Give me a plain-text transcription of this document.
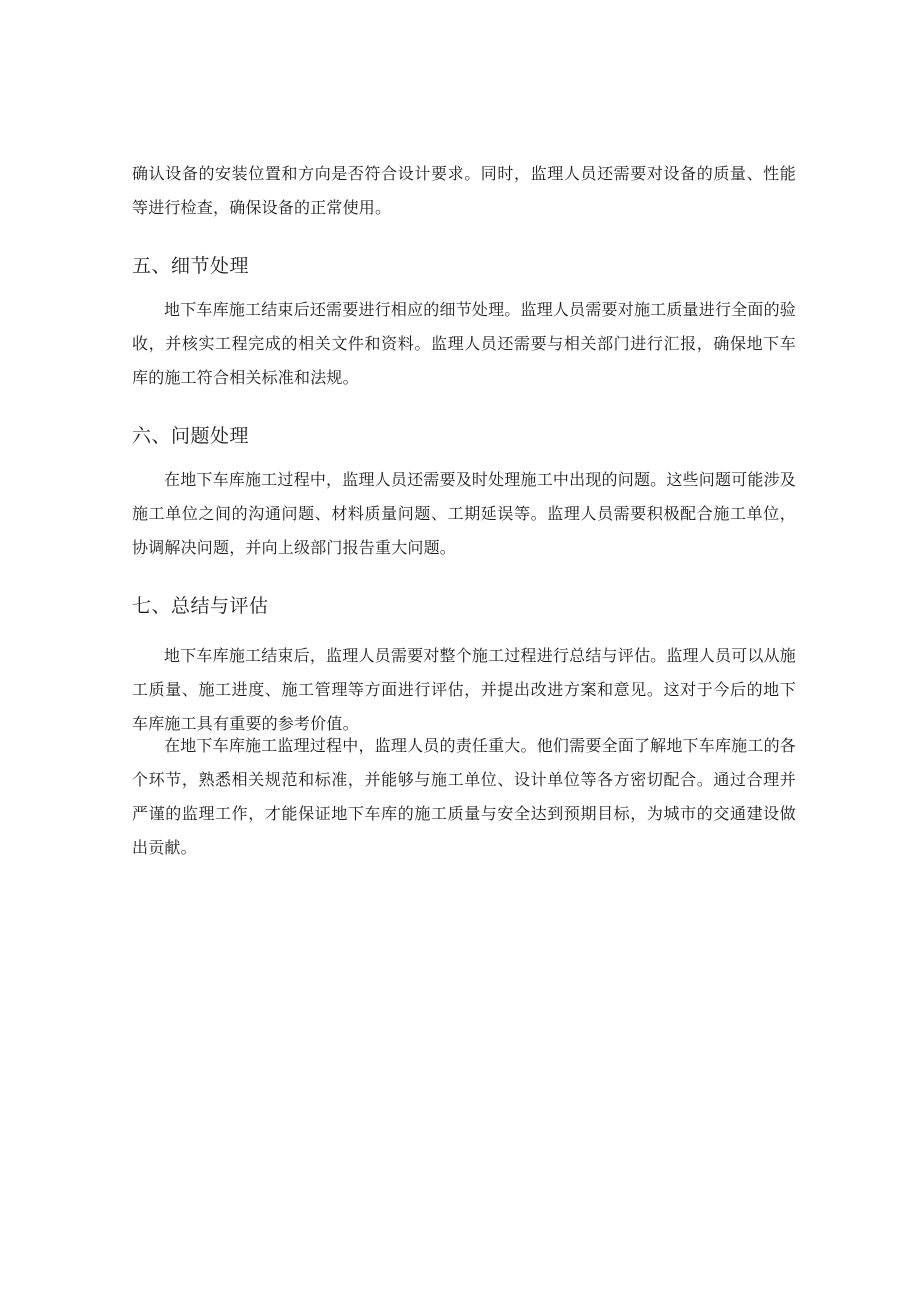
确认设备的安装位置和方向是否符合设计要求。同时，监理人员还需要对设备的质量、性能等进行检查，确保设备的正常使用。

五、细节处理

地下车库施工结束后还需要进行相应的细节处理。监理人员需要对施工质量进行全面的验收，并核实工程完成的相关文件和资料。监理人员还需要与相关部门进行汇报，确保地下车库的施工符合相关标准和法规。

六、问题处理

在地下车库施工过程中，监理人员还需要及时处理施工中出现的问题。这些问题可能涉及施工单位之间的沟通问题、材料质量问题、工期延误等。监理人员需要积极配合施工单位，协调解决问题，并向上级部门报告重大问题。

七、总结与评估

地下车库施工结束后，监理人员需要对整个施工过程进行总结与评估。监理人员可以从施工质量、施工进度、施工管理等方面进行评估，并提出改进方案和意见。这对于今后的地下车库施工具有重要的参考价值。

在地下车库施工监理过程中，监理人员的责任重大。他们需要全面了解地下车库施工的各个环节，熟悉相关规范和标准，并能够与施工单位、设计单位等各方密切配合。通过合理并严谨的监理工作，才能保证地下车库的施工质量与安全达到预期目标，为城市的交通建设做出贡献。
